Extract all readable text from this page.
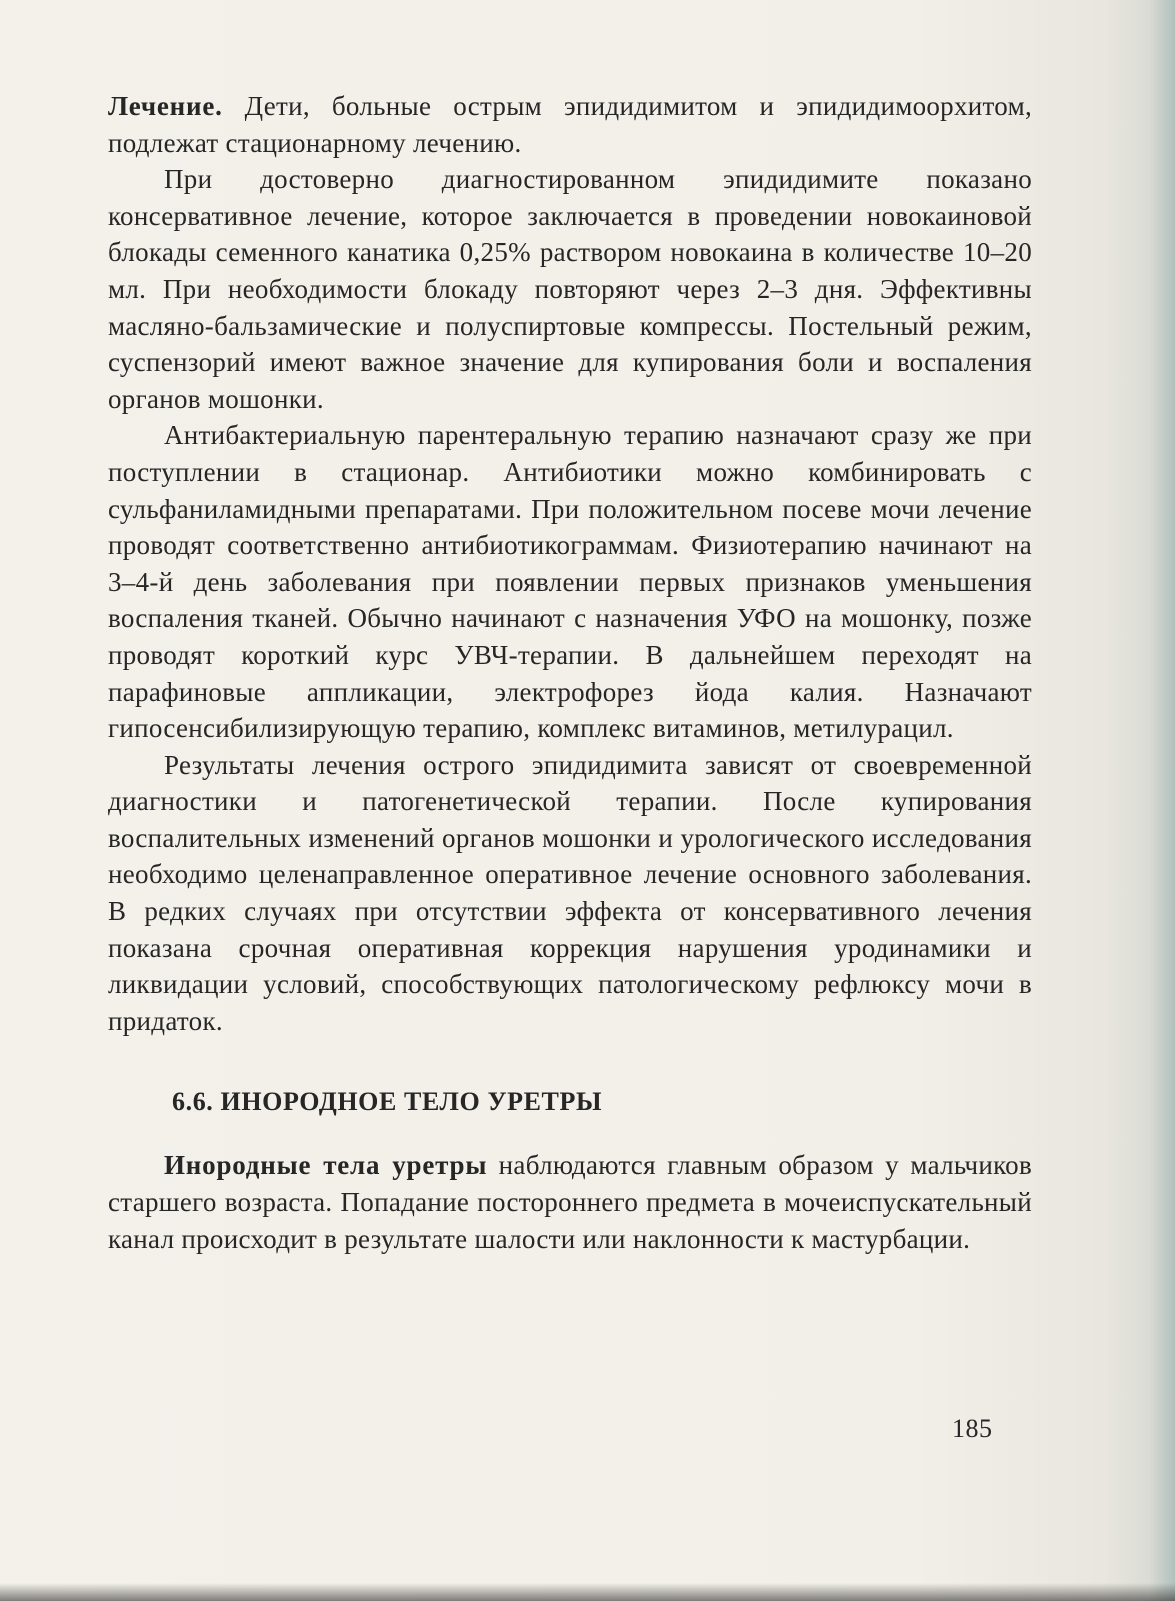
Лечение. Дети, больные острым эпидидимитом и эпидидимоорхитом, подлежат стационарному лечению.

При достоверно диагностированном эпидидимите показано консервативное лечение, которое заключается в проведении новокаиновой блокады семенного канатика 0,25% раствором новокаина в количестве 10–20 мл. При необходимости блокаду повторяют через 2–3 дня. Эффективны масляно-бальзамические и полуспиртовые компрессы. Постельный режим, суспензорий имеют важное значение для купирования боли и воспаления органов мошонки.

Антибактериальную парентеральную терапию назначают сразу же при поступлении в стационар. Антибиотики можно комбинировать с сульфаниламидными препаратами. При положительном посеве мочи лечение проводят соответственно антибиотикограммам. Физиотерапию начинают на 3–4-й день заболевания при появлении первых признаков уменьшения воспаления тканей. Обычно начинают с назначения УФО на мошонку, позже проводят короткий курс УВЧ-терапии. В дальнейшем переходят на парафиновые аппликации, электрофорез йода калия. Назначают гипосенсибилизирующую терапию, комплекс витаминов, метилурацил.

Результаты лечения острого эпидидимита зависят от своевременной диагностики и патогенетической терапии. После купирования воспалительных изменений органов мошонки и урологического исследования необходимо целенаправленное оперативное лечение основного заболевания. В редких случаях при отсутствии эффекта от консервативного лечения показана срочная оперативная коррекция нарушения уродинамики и ликвидации условий, способствующих патологическому рефлюксу мочи в придаток.

6.6. ИНОРОДНОЕ ТЕЛО УРЕТРЫ

Инородные тела уретры наблюдаются главным образом у мальчиков старшего возраста. Попадание постороннего предмета в мочеиспускательный канал происходит в результате шалости или наклонности к мастурбации.

185
